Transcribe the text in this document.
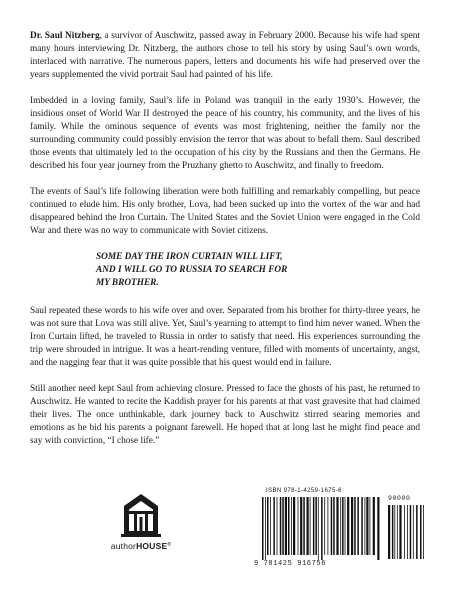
Dr. Saul Nitzberg, a survivor of Auschwitz, passed away in February 2000. Because his wife had spent many hours interviewing Dr. Nitzberg, the authors chose to tell his story by using Saul’s own words, interlaced with narrative. The numerous papers, letters and documents his wife had preserved over the years supplemented the vivid portrait Saul had painted of his life.

Imbedded in a loving family, Saul’s life in Poland was tranquil in the early 1930’s. However, the insidious onset of World War II destroyed the peace of his country, his community, and the lives of his family. While the ominous sequence of events was most frightening, neither the family nor the surrounding community could possibly envision the terror that was about to befall them. Saul described those events that ultimately led to the occupation of his city by the Russians and then the Germans. He described his four year journey from the Pruzhany ghetto to Auschwitz, and finally to freedom.

The events of Saul’s life following liberation were both fulfilling and remarkably compelling, but peace continued to elude him. His only brother, Lova, had been sucked up into the vortex of the war and had disappeared behind the Iron Curtain. The United States and the Soviet Union were engaged in the Cold War and there was no way to communicate with Soviet citizens.

SOME DAY THE IRON CURTAIN WILL LIFT,
AND I WILL GO TO RUSSIA TO SEARCH FOR
MY BROTHER.

Saul repeated these words to his wife over and over. Separated from his brother for thirty-three years, he was not sure that Lova was still alive. Yet, Saul’s yearning to attempt to find him never waned. When the Iron Curtain lifted, he traveled to Russia in order to satisfy that need. His experiences surrounding the trip were shrouded in intrigue. It was a heart-rending venture, filled with moments of uncertainty, angst, and the nagging fear that it was quite possible that his quest would end in failure.

Still another need kept Saul from achieving closure. Pressed to face the ghosts of his past, he returned to Auschwitz. He wanted to recite the Kaddish prayer for his parents at that vast gravesite that had claimed their lives. The once unthinkable, dark journey back to Auschwitz stirred searing memories and emotions as he bid his parents a poignant farewell. He hoped that at long last he might find peace and say with conviction, “I chose life.”

authorHOUSE®
ISBN 978-1-4259-1675-6
90000
9 781425 916756
